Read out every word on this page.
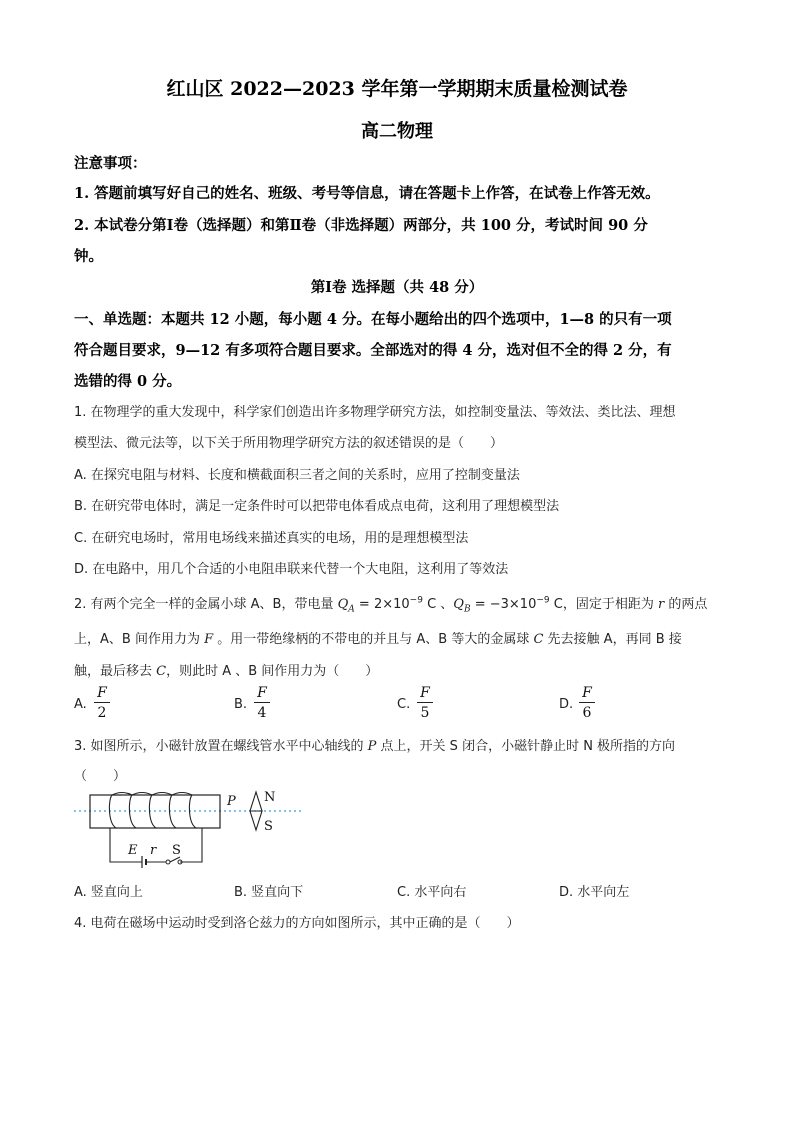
红山区 2022—2023 学年第一学期期末质量检测试卷
高二物理
注意事项：
1. 答题前填写好自己的姓名、班级、考号等信息，请在答题卡上作答，在试卷上作答无效。
2. 本试卷分第Ⅰ卷（选择题）和第Ⅱ卷（非选择题）两部分，共 100 分，考试时间 90 分
钟。
第Ⅰ卷 选择题（共 48 分）
一、单选题：本题共 12 小题，每小题 4 分。在每小题给出的四个选项中，1—8 的只有一项
符合题目要求，9—12 有多项符合题目要求。全部选对的得 4 分，选对但不全的得 2 分，有
选错的得 0 分。
1. 在物理学的重大发现中，科学家们创造出许多物理学研究方法，如控制变量法、等效法、类比法、理想
模型法、微元法等，以下关于所用物理学研究方法的叙述错误的是（　　）
A. 在探究电阻与材料、长度和横截面积三者之间的关系时，应用了控制变量法
B. 在研究带电体时，满足一定条件时可以把带电体看成点电荷，这利用了理想模型法
C. 在研究电场时，常用电场线来描述真实的电场，用的是理想模型法
D. 在电路中，用几个合适的小电阻串联来代替一个大电阻，这利用了等效法
2. 有两个完全一样的金属小球 A、B，带电量 $Q_A = 2\times 10^{-9}$ C 、$Q_B = -3\times 10^{-9}$ C，固定于相距为 r 的两点
上，A、B 间作用力为 F 。用一带绝缘柄的不带电的并且与 A、B 等大的金属球 C 先去接触 A，再同 B 接
触，最后移去 C，则此时 A 、B 间作用力为（　　）
A.
F
2
B.
F
4
C.
F
5
D.
F
6
3. 如图所示，小磁针放置在螺线管水平中心轴线的 P 点上，开关 S 闭合，小磁针静止时 N 极所指的方向
（　　）
E r S
P N
S
A. 竖直向上	B. 竖直向下	C. 水平向右	D. 水平向左
4. 电荷在磁场中运动时受到洛仑兹力的方向如图所示，其中正确的是（　　）
